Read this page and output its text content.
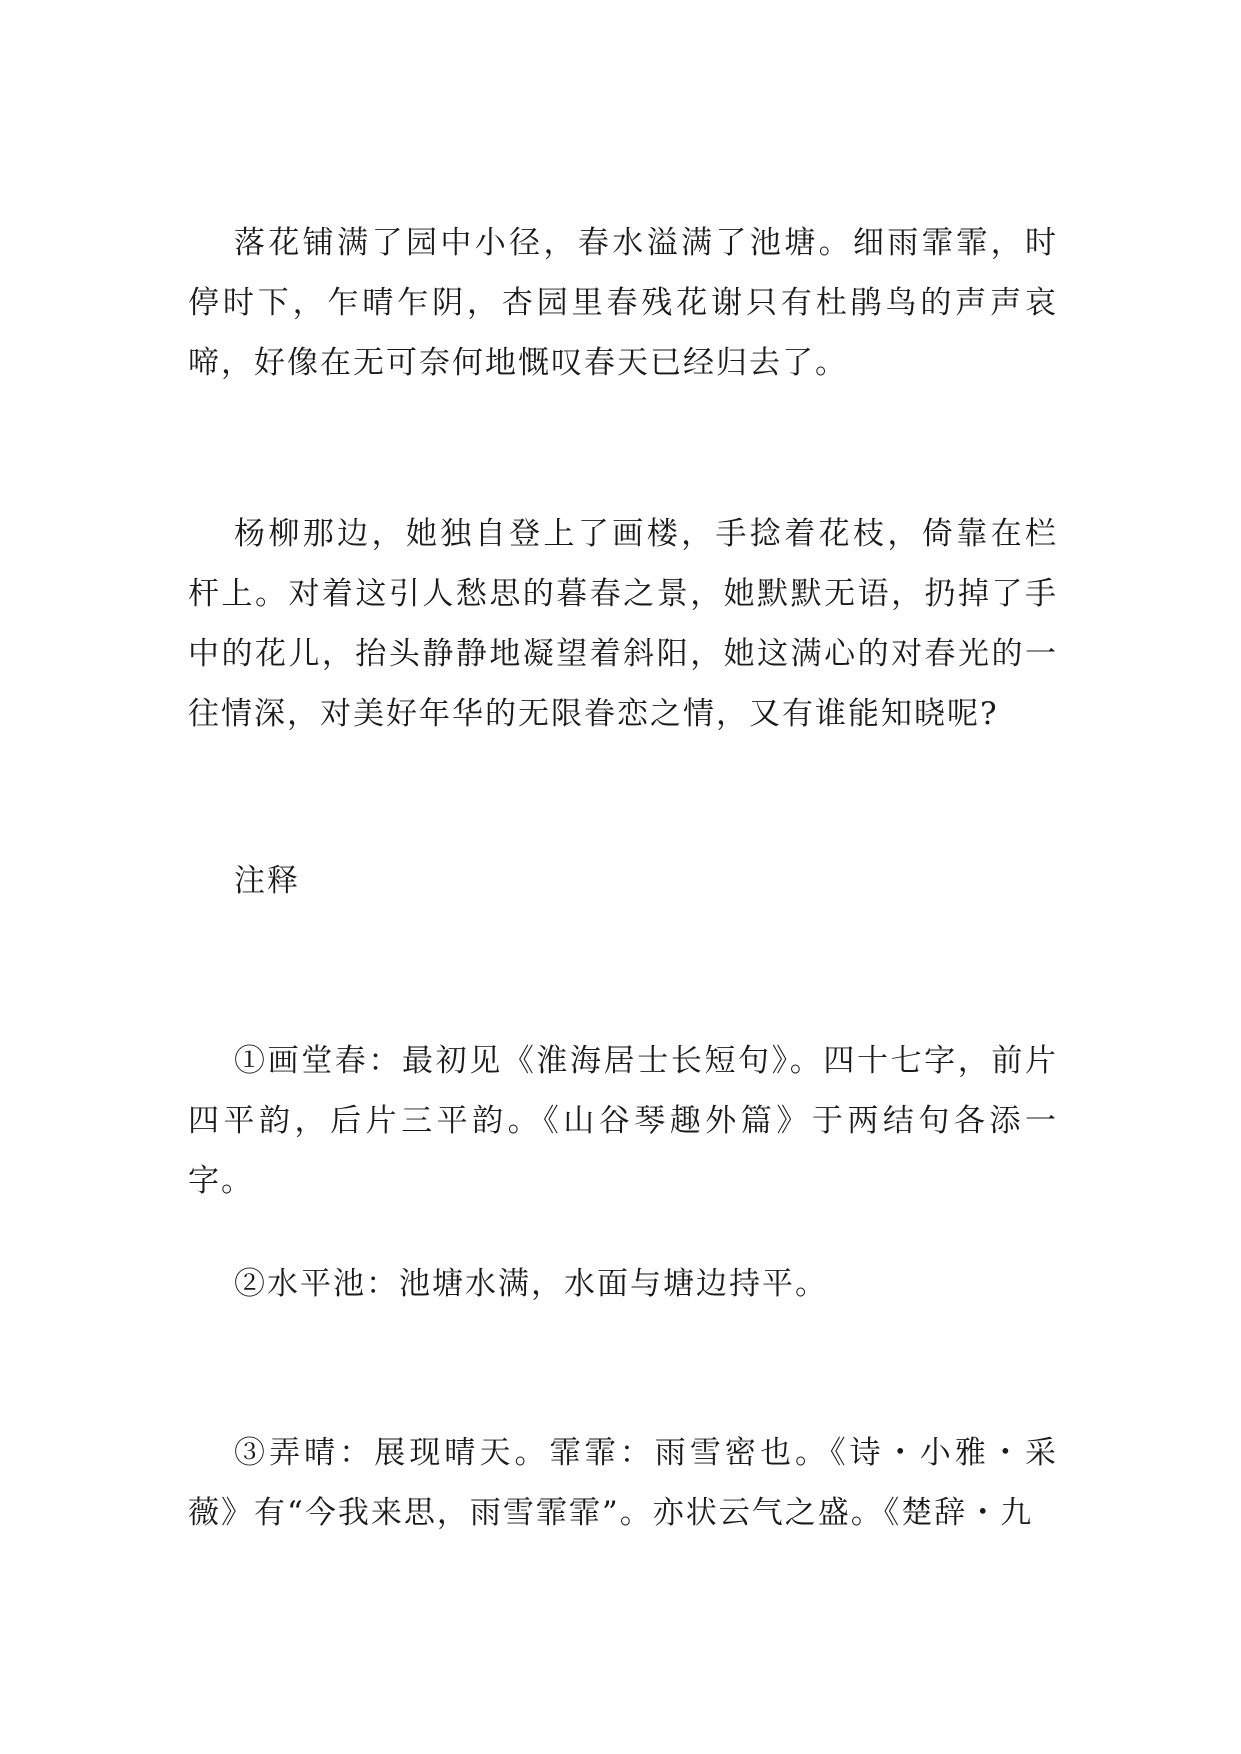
落花铺满了园中小径，春水溢满了池塘。细雨霏霏，时停时下，乍晴乍阴，杏园里春残花谢只有杜鹃鸟的声声哀啼，好像在无可奈何地慨叹春天已经归去了。

杨柳那边，她独自登上了画楼，手捻着花枝，倚靠在栏杆上。对着这引人愁思的暮春之景，她默默无语，扔掉了手中的花儿，抬头静静地凝望着斜阳，她这满心的对春光的一往情深，对美好年华的无限眷恋之情，又有谁能知晓呢?

注释

①画堂春：最初见《淮海居士长短句》。四十七字，前片四平韵，后片三平韵。《山谷琴趣外篇》于两结句各添一字。

②水平池：池塘水满，水面与塘边持平。

③弄晴：展现晴天。霏霏：雨雪密也。《诗・小雅・采薇》有“今我来思，雨雪霏霏”。亦状云气之盛。《楚辞・九
